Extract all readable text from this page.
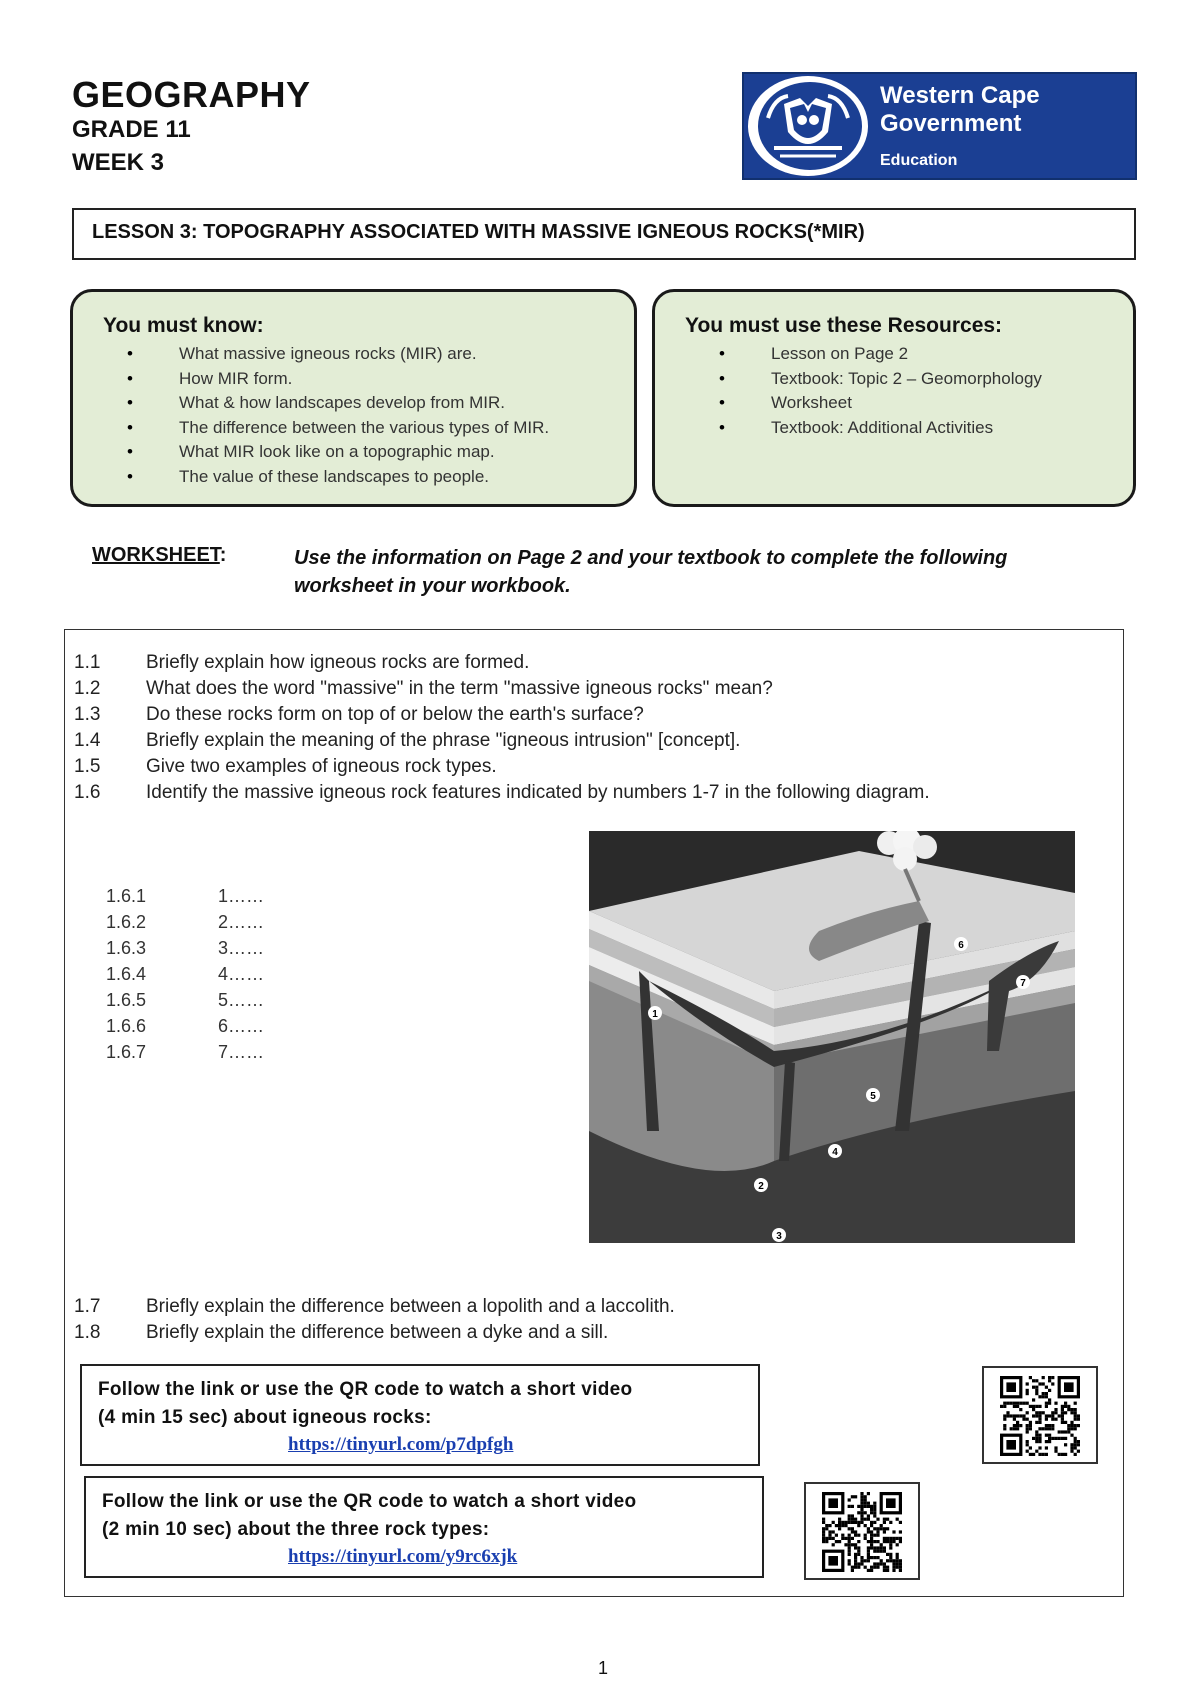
GEOGRAPHY
GRADE 11
WEEK 3
Western Cape
Government
Education
LESSON 3: TOPOGRAPHY ASSOCIATED WITH MASSIVE IGNEOUS ROCKS(*MIR)
You must know:
• What massive igneous rocks (MIR) are.
• How MIR form.
• What & how landscapes develop from MIR.
• The difference between the various types of MIR.
• What MIR look like on a topographic map.
• The value of these landscapes to people.
You must use these Resources:
• Lesson on Page 2
• Textbook: Topic 2 – Geomorphology
• Worksheet
• Textbook: Additional Activities
WORKSHEET:	Use the information on Page 2 and your textbook to complete the following worksheet in your workbook.
1.1 Briefly explain how igneous rocks are formed.
1.2 What does the word "massive" in the term "massive igneous rocks" mean?
1.3 Do these rocks form on top of or below the earth's surface?
1.4 Briefly explain the meaning of the phrase "igneous intrusion" [concept].
1.5 Give two examples of igneous rock types.
1.6 Identify the massive igneous rock features indicated by numbers 1-7 in the following diagram.
1.6.1	1……
1.6.2	2……
1.6.3	3……
1.6.4	4……
1.6.5	5……
1.6.6	6……
1.6.7	7……
1
2
3
4
5
6
7
1.7 Briefly explain the difference between a lopolith and a laccolith.
1.8 Briefly explain the difference between a dyke and a sill.
Follow the link or use the QR code to watch a short video
(4 min 15 sec) about igneous rocks:
https://tinyurl.com/p7dpfgh
Follow the link or use the QR code to watch a short video
(2 min 10 sec) about the three rock types:
https://tinyurl.com/y9rc6xjk
1
